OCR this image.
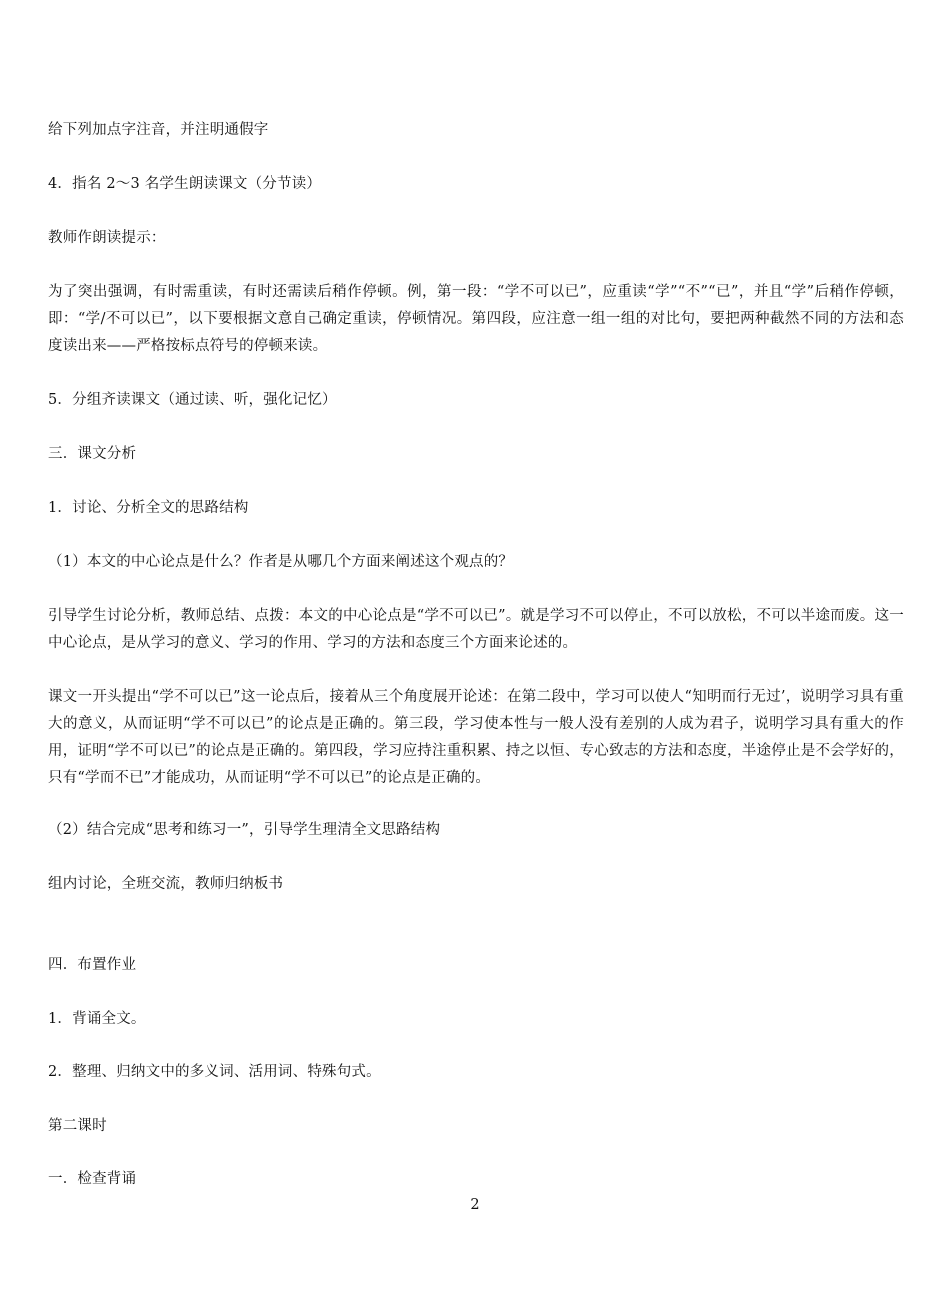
给下列加点字注音，并注明通假字

4．指名 2～3 名学生朗读课文（分节读）

教师作朗读提示：

为了突出强调，有时需重读，有时还需读后稍作停顿。例，第一段：“学不可以已”，应重读“学”“不”“已”，并且“学”后稍作停顿，即：“学/不可以已”，以下要根据文意自己确定重读，停顿情况。第四段，应注意一组一组的对比句，要把两种截然不同的方法和态度读出来——严格按标点符号的停顿来读。

5．分组齐读课文（通过读、听，强化记忆）

三．课文分析

1．讨论、分析全文的思路结构

（1）本文的中心论点是什么？作者是从哪几个方面来阐述这个观点的？

引导学生讨论分析，教师总结、点拨：本文的中心论点是“学不可以已”。就是学习不可以停止，不可以放松，不可以半途而废。这一中心论点，是从学习的意义、学习的作用、学习的方法和态度三个方面来论述的。

课文一开头提出“学不可以已”这一论点后，接着从三个角度展开论述：在第二段中，学习可以使人“知明而行无过’，说明学习具有重大的意义，从而证明“学不可以已”的论点是正确的。第三段，学习使本性与一般人没有差别的人成为君子，说明学习具有重大的作用，证明“学不可以已”的论点是正确的。第四段，学习应持注重积累、持之以恒、专心致志的方法和态度，半途停止是不会学好的，只有“学而不已”才能成功，从而证明“学不可以已”的论点是正确的。

（2）结合完成“思考和练习一”，引导学生理清全文思路结构

组内讨论，全班交流，教师归纳板书

四．布置作业

1．背诵全文。

2．整理、归纳文中的多义词、活用词、特殊句式。

第二课时

一．检查背诵

2
